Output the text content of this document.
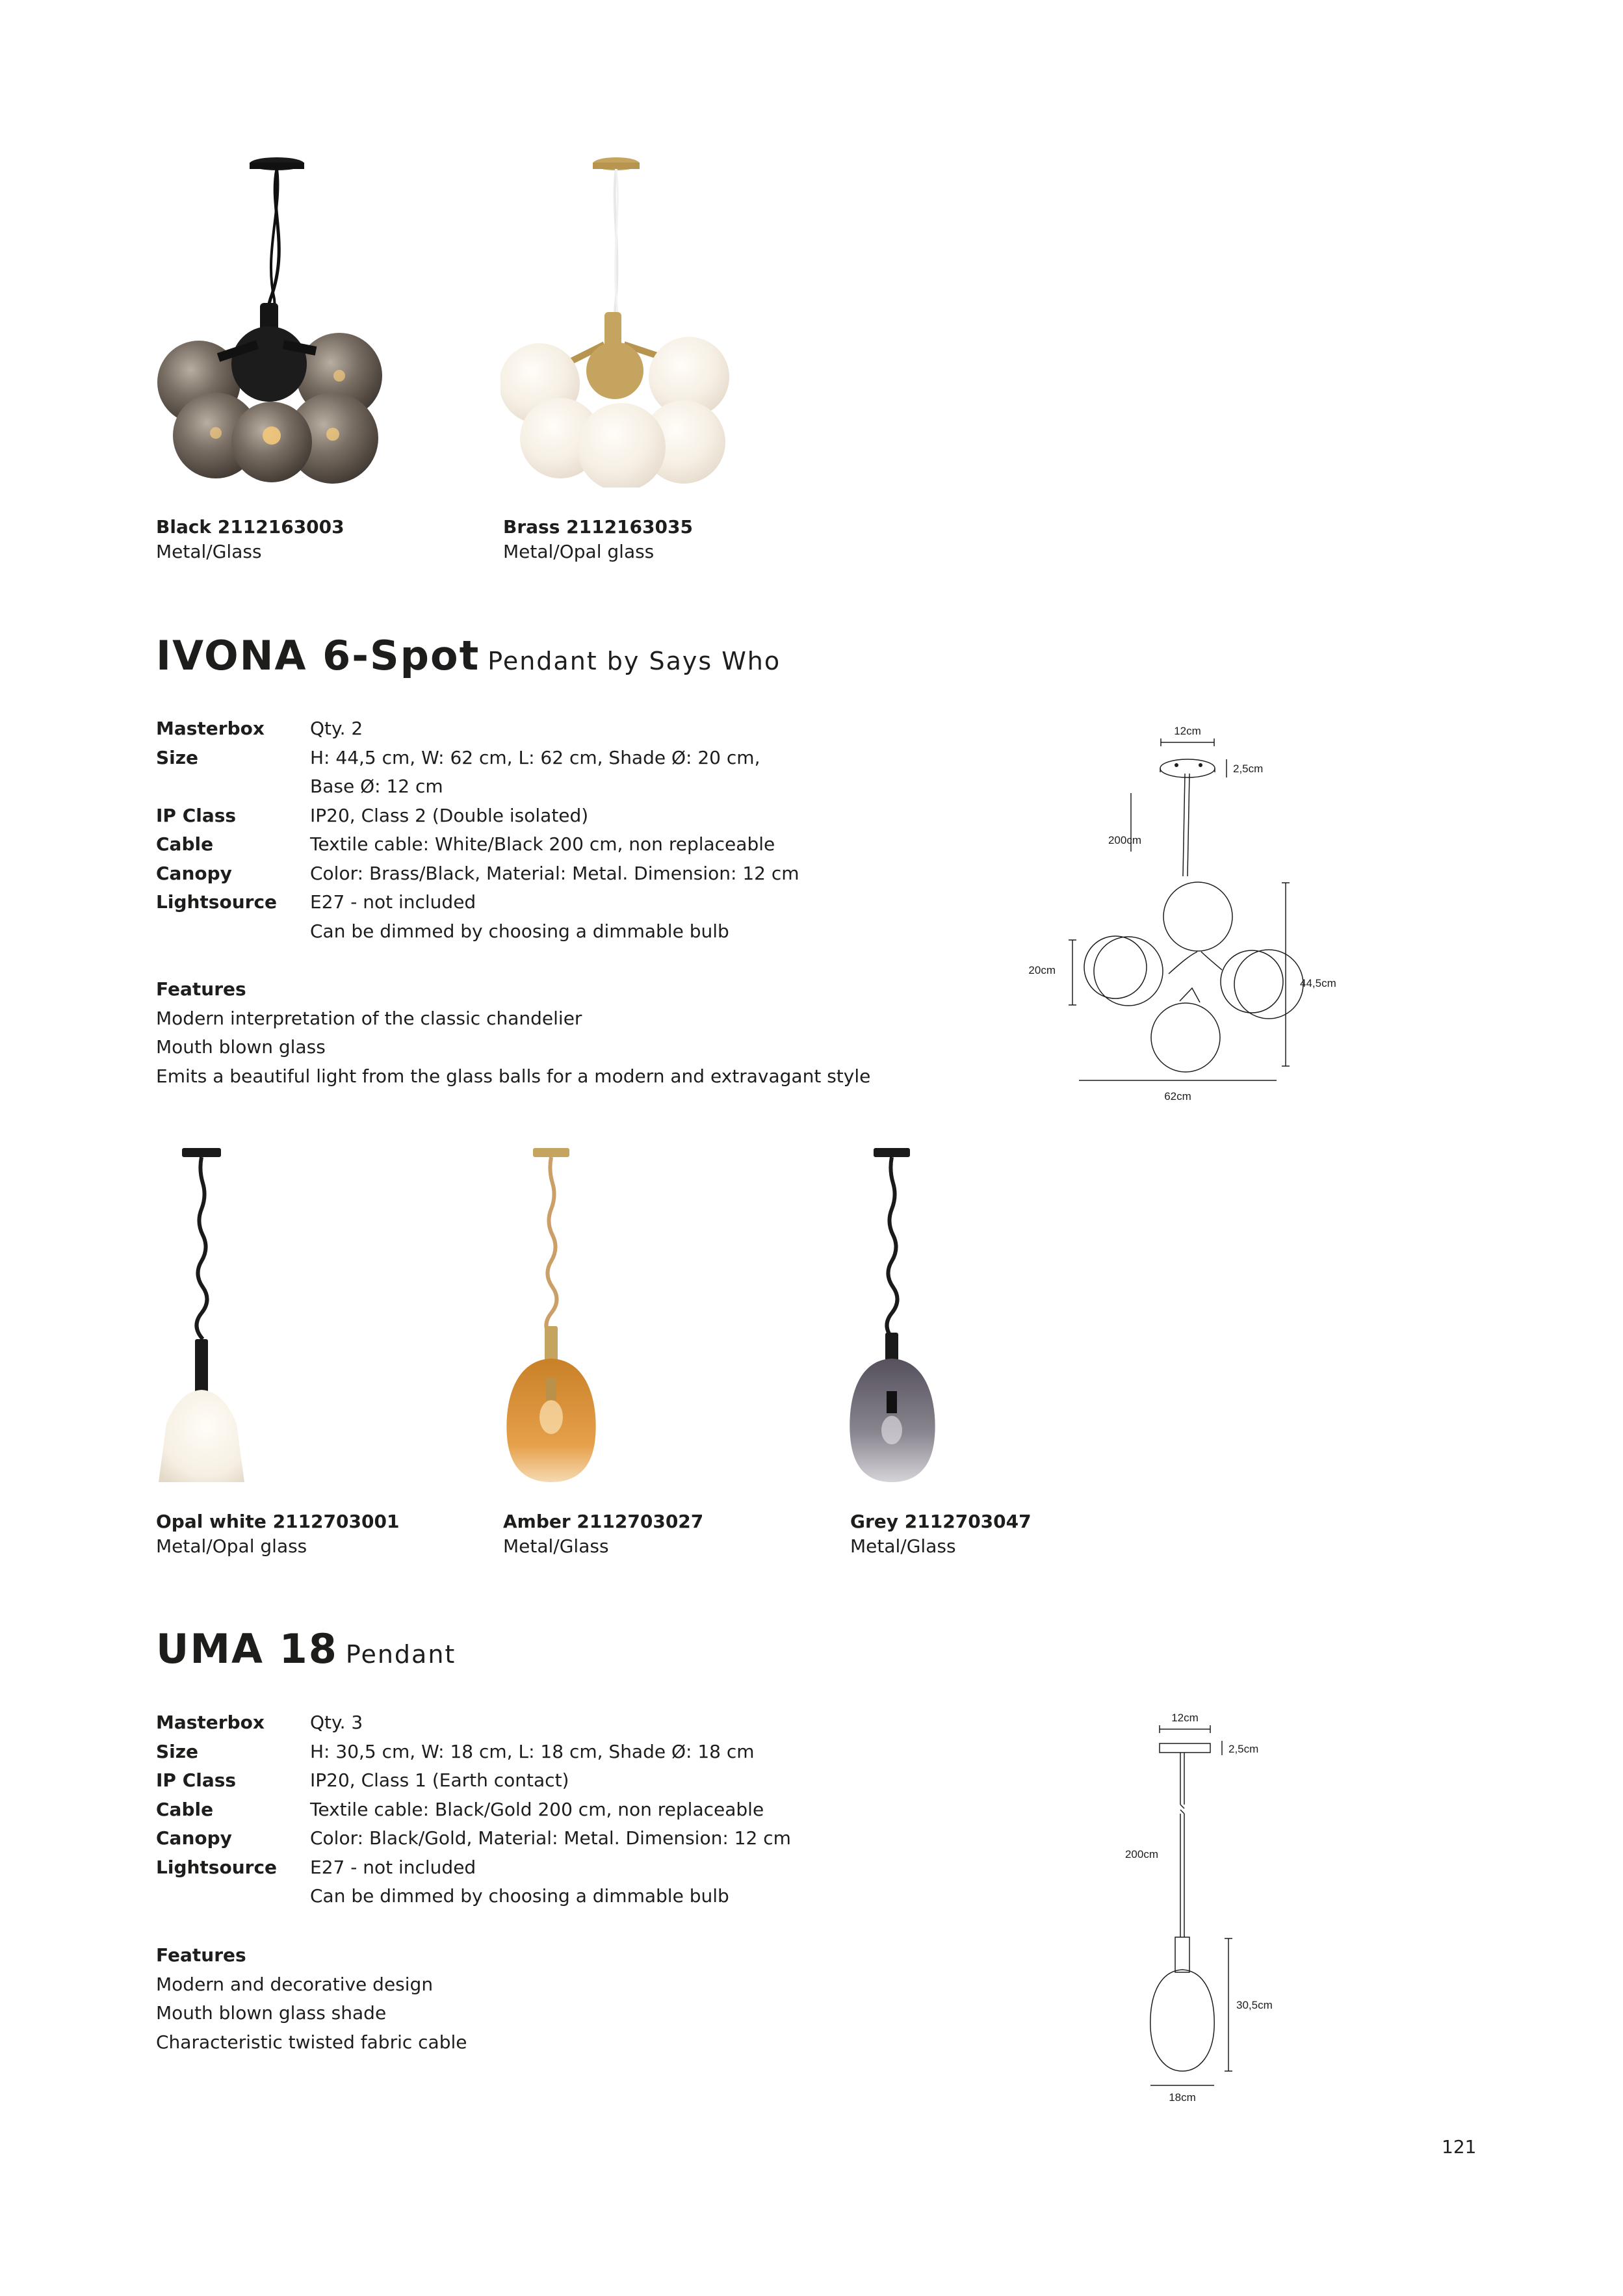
Black 2112163003
Metal/Glass
Brass 2112163035
Metal/Opal glass
IVONA 6-Spot Pendant by Says Who
Masterbox	Qty. 2
Size	H: 44,5 cm, W: 62 cm, L: 62 cm, Shade Ø: 20 cm, Base Ø: 12 cm
IP Class	IP20, Class 2 (Double isolated)
Cable	Textile cable: White/Black 200 cm, non replaceable
Canopy	Color: Brass/Black, Material: Metal. Dimension: 12 cm
Lightsource	E27 - not included
Can be dimmed by choosing a dimmable bulb
Features
Modern interpretation of the classic chandelier
Mouth blown glass
Emits a beautiful light from the glass balls for a modern and extravagant style
12cm
2,5cm
200cm
20cm
44,5cm
62cm
Opal white 2112703001
Metal/Opal glass
Amber 2112703027
Metal/Glass
Grey 2112703047
Metal/Glass
UMA 18 Pendant
Masterbox	Qty. 3
Size	H: 30,5 cm, W: 18 cm, L: 18 cm, Shade Ø: 18 cm
IP Class	IP20, Class 1 (Earth contact)
Cable	Textile cable: Black/Gold 200 cm, non replaceable
Canopy	Color: Black/Gold, Material: Metal. Dimension: 12 cm
Lightsource	E27 - not included
Can be dimmed by choosing a dimmable bulb
Features
Modern and decorative design
Mouth blown glass shade
Characteristic twisted fabric cable
12cm
2,5cm
200cm
30,5cm
18cm
121
